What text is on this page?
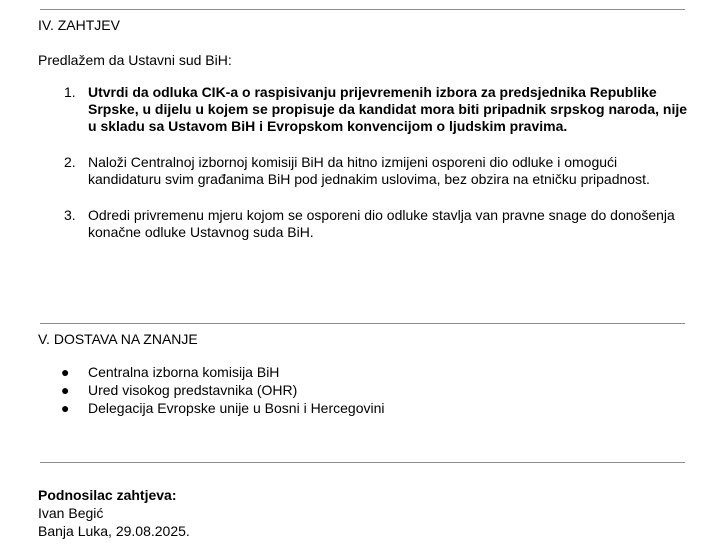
IV. ZAHTJEV
Predlažem da Ustavni sud BiH:
1. Utvrdi da odluka CIK-a o raspisivanju prijevremenih izbora za predsjednika Republike Srpske, u dijelu u kojem se propisuje da kandidat mora biti pripadnik srpskog naroda, nije u skladu sa Ustavom BiH i Evropskom konvencijom o ljudskim pravima.
2. Naloži Centralnoj izbornoj komisiji BiH da hitno izmijeni osporeni dio odluke i omogući kandidaturu svim građanima BiH pod jednakim uslovima, bez obzira na etničku pripadnost.
3. Odredi privremenu mjeru kojom se osporeni dio odluke stavlja van pravne snage do donošenja konačne odluke Ustavnog suda BiH.
V. DOSTAVA NA ZNANJE
● Centralna izborna komisija BiH
● Ured visokog predstavnika (OHR)
● Delegacija Evropske unije u Bosni i Hercegovini
Podnosilac zahtjeva:
Ivan Begić
Banja Luka, 29.08.2025.
